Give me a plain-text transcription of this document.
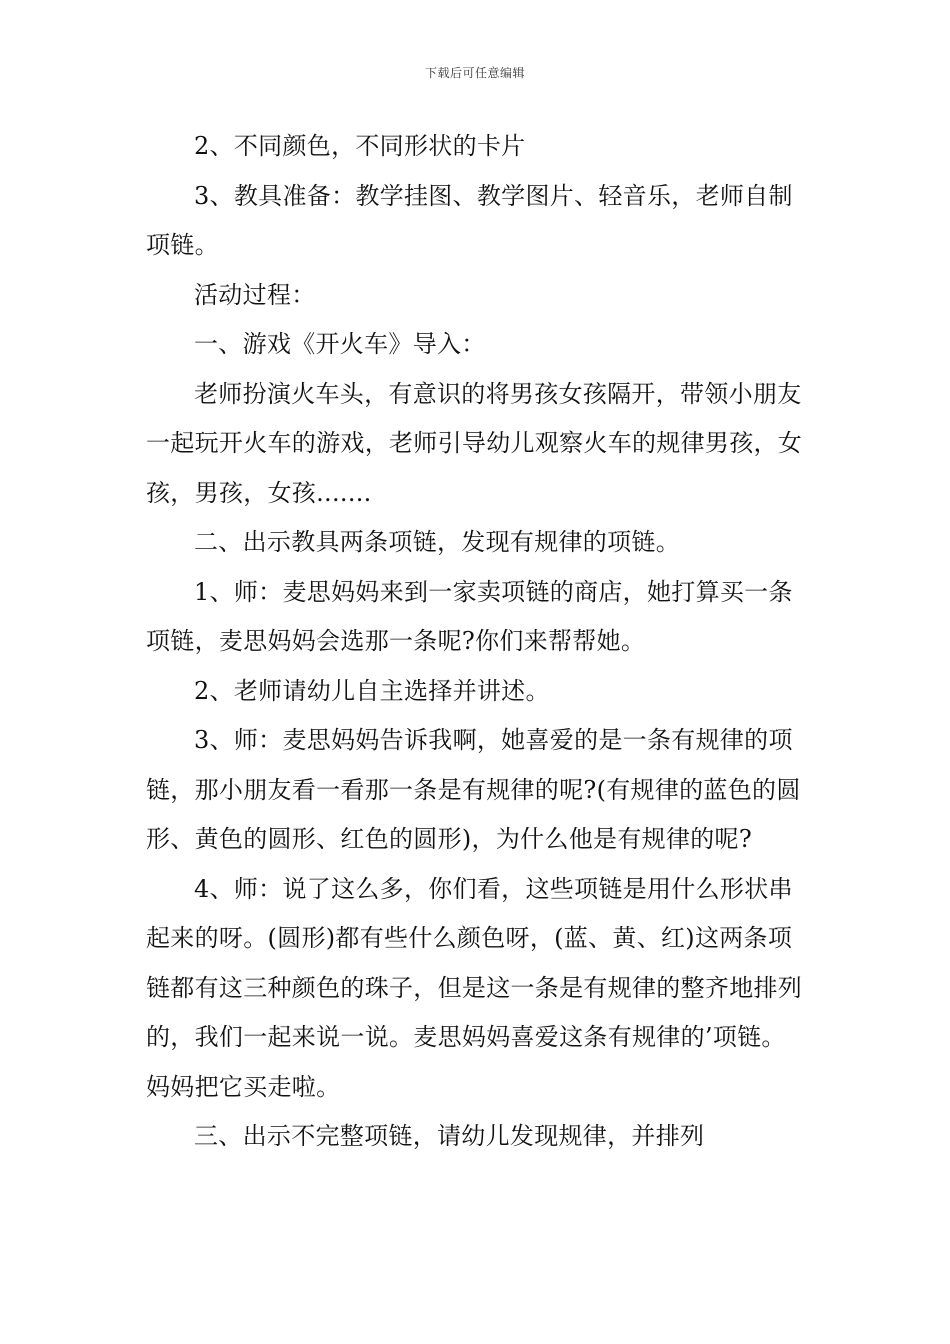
下载后可任意编辑

2、不同颜色，不同形状的卡片

3、教具准备：教学挂图、教学图片、轻音乐，老师自制项链。

活动过程：

一、游戏《开火车》导入：

老师扮演火车头，有意识的将男孩女孩隔开，带领小朋友一起玩开火车的游戏，老师引导幼儿观察火车的规律男孩，女孩，男孩，女孩.......

二、出示教具两条项链，发现有规律的项链。

1、师：麦思妈妈来到一家卖项链的商店，她打算买一条项链，麦思妈妈会选那一条呢?你们来帮帮她。

2、老师请幼儿自主选择并讲述。

3、师：麦思妈妈告诉我啊，她喜爱的是一条有规律的项链，那小朋友看一看那一条是有规律的呢?(有规律的蓝色的圆形、黄色的圆形、红色的圆形)，为什么他是有规律的呢?

4、师：说了这么多，你们看，这些项链是用什么形状串起来的呀。(圆形)都有些什么颜色呀，(蓝、黄、红)这两条项链都有这三种颜色的珠子，但是这一条是有规律的整齐地排列的，我们一起来说一说。麦思妈妈喜爱这条有规律的’项链。妈妈把它买走啦。

三、出示不完整项链，请幼儿发现规律，并排列
